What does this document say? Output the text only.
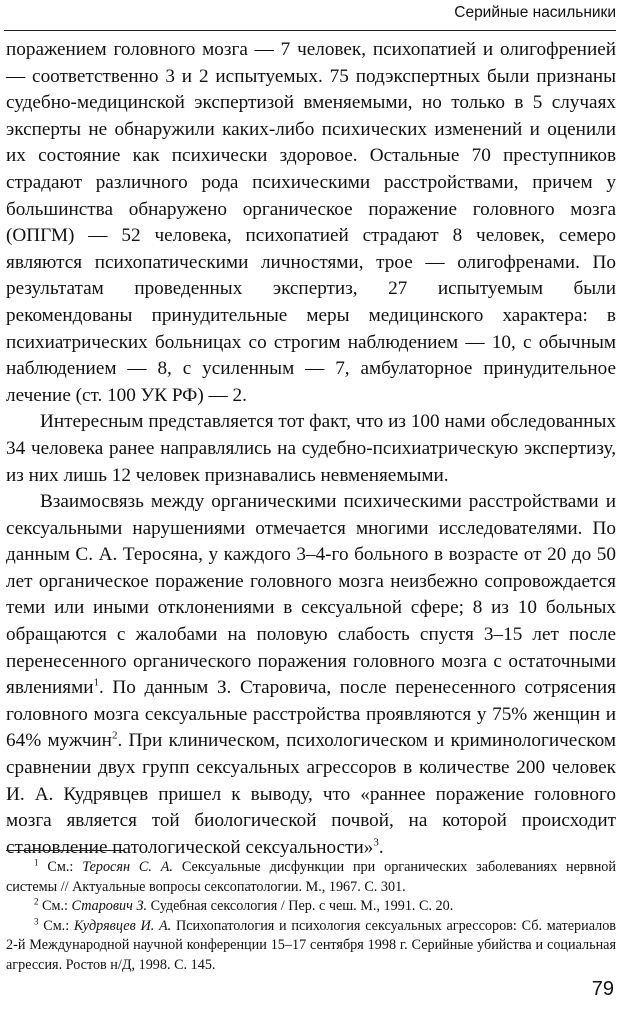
Серийные насильники

поражением головного мозга — 7 человек, психопатией и олигофренией — соответственно 3 и 2 испытуемых. 75 подэкспертных были признаны судебно-медицинской экспертизой вменяемыми, но только в 5 случаях эксперты не обнаружили каких-либо психических изменений и оценили их состояние как психически здоровое. Остальные 70 преступников страдают различного рода психическими расстройствами, причем у большинства обнаружено органическое поражение головного мозга (ОПГМ) — 52 человека, психопатией страдают 8 человек, семеро являются психопатическими личностями, трое — олигофренами. По результатам проведенных экспертиз, 27 испытуемым были рекомендованы принудительные меры медицинского характера: в психиатрических больницах со строгим наблюдением — 10, с обычным наблюдением — 8, с усиленным — 7, амбулаторное принудительное лечение (ст. 100 УК РФ) — 2.

Интересным представляется тот факт, что из 100 нами обследованных 34 человека ранее направлялись на судебно-психиатрическую экспертизу, из них лишь 12 человек признавались невменяемыми.

Взаимосвязь между органическими психическими расстройствами и сексуальными нарушениями отмечается многими исследователями. По данным С. А. Теросяна, у каждого 3–4-го больного в возрасте от 20 до 50 лет органическое поражение головного мозга неизбежно сопровождается теми или иными отклонениями в сексуальной сфере; 8 из 10 больных обращаются с жалобами на половую слабость спустя 3–15 лет после перенесенного органического поражения головного мозга с остаточными явлениями$^1$. По данным З. Старовича, после перенесенного сотрясения головного мозга сексуальные расстройства проявляются у 75% женщин и 64% мужчин$^2$. При клиническом, психологическом и криминологическом сравнении двух групп сексуальных агрессоров в количестве 200 человек И. А. Кудрявцев пришел к выводу, что «раннее поражение головного мозга является той биологической почвой, на которой происходит становление патологической сексуальности»$^3$.

$^1$ См.: Теросян С. А. Сексуальные дисфункции при органических заболеваниях нервной системы // Актуальные вопросы сексопатологии. М., 1967. С. 301.

$^2$ См.: Старович З. Судебная сексология / Пер. с чеш. М., 1991. С. 20.

$^3$ См.: Кудрявцев И. А. Психопатология и психология сексуальных агрессоров: Сб. материалов 2-й Международной научной конференции 15–17 сентября 1998 г. Серийные убийства и социальная агрессия. Ростов н/Д, 1998. С. 145.

79
